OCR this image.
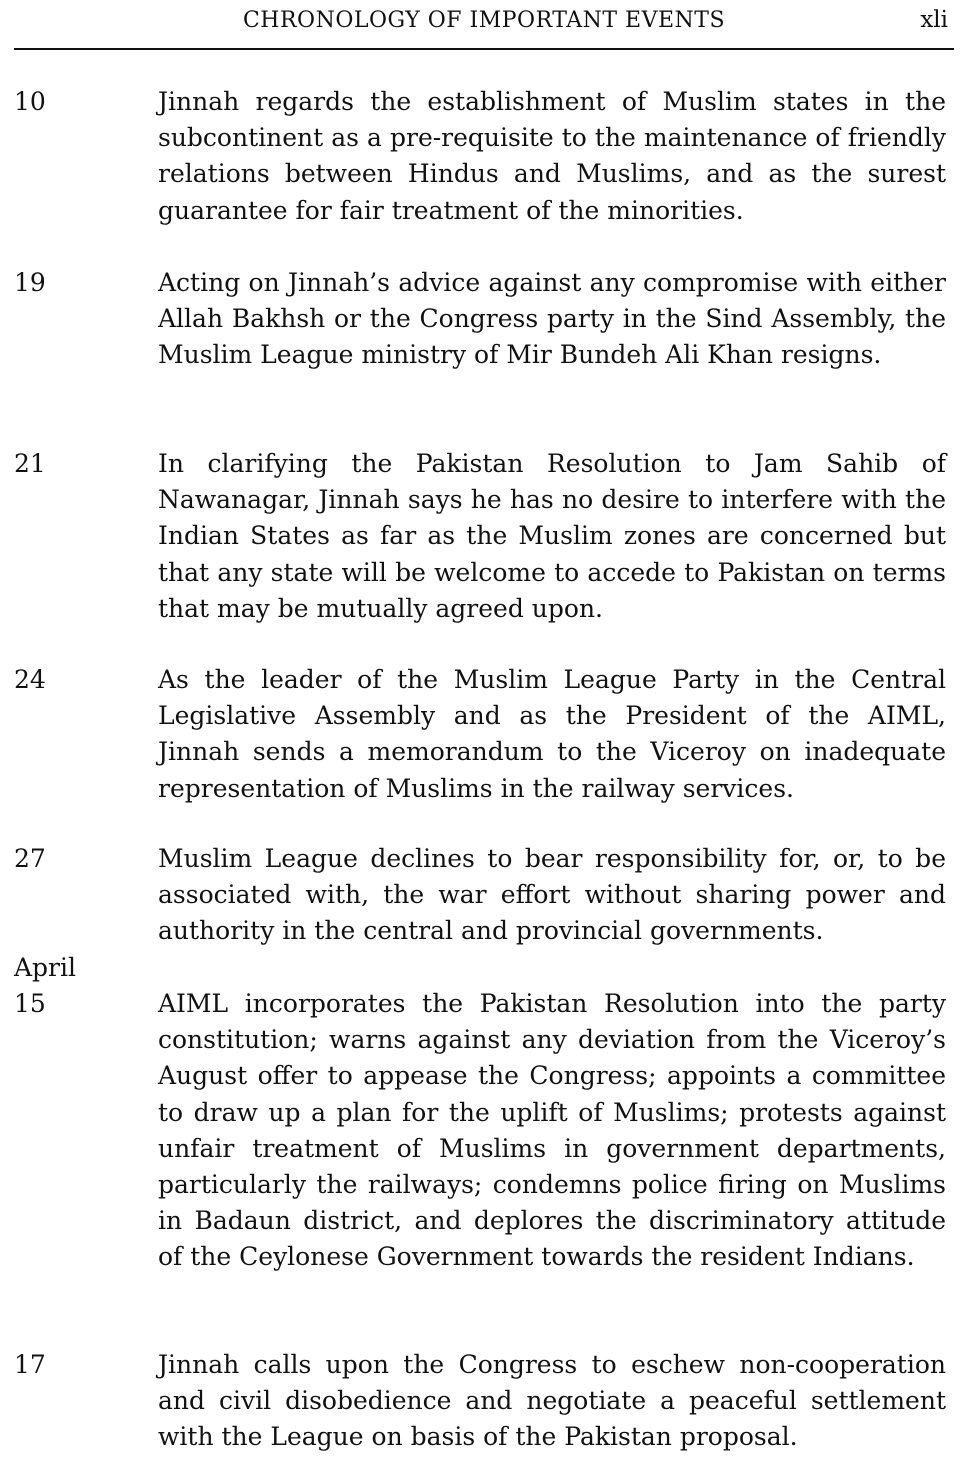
CHRONOLOGY OF IMPORTANT EVENTS	xli
10	Jinnah regards the establishment of Muslim states in the subcontinent as a pre-requisite to the maintenance of friendly relations between Hindus and Muslims, and as the surest guarantee for fair treatment of the minorities.
19	Acting on Jinnah’s advice against any compromise with either Allah Bakhsh or the Congress party in the Sind Assembly, the Muslim League ministry of Mir Bundeh Ali Khan resigns.
21	In clarifying the Pakistan Resolution to Jam Sahib of Nawanagar, Jinnah says he has no desire to interfere with the Indian States as far as the Muslim zones are concerned but that any state will be welcome to accede to Pakistan on terms that may be mutually agreed upon.
24	As the leader of the Muslim League Party in the Central Legislative Assembly and as the President of the AIML, Jinnah sends a memorandum to the Viceroy on inadequate representation of Muslims in the railway services.
27	Muslim League declines to bear responsibility for, or, to be associated with, the war effort without sharing power and authority in the central and provincial governments.
April
15	AIML incorporates the Pakistan Resolution into the party constitution; warns against any deviation from the Viceroy’s August offer to appease the Congress; appoints a committee to draw up a plan for the uplift of Muslims; protests against unfair treatment of Muslims in government departments, particularly the railways; condemns police firing on Muslims in Badaun district, and deplores the discriminatory attitude of the Ceylonese Government towards the resident Indians.
17	Jinnah calls upon the Congress to eschew non-cooperation and civil disobedience and negotiate a peaceful settlement with the League on basis of the Pakistan proposal.
